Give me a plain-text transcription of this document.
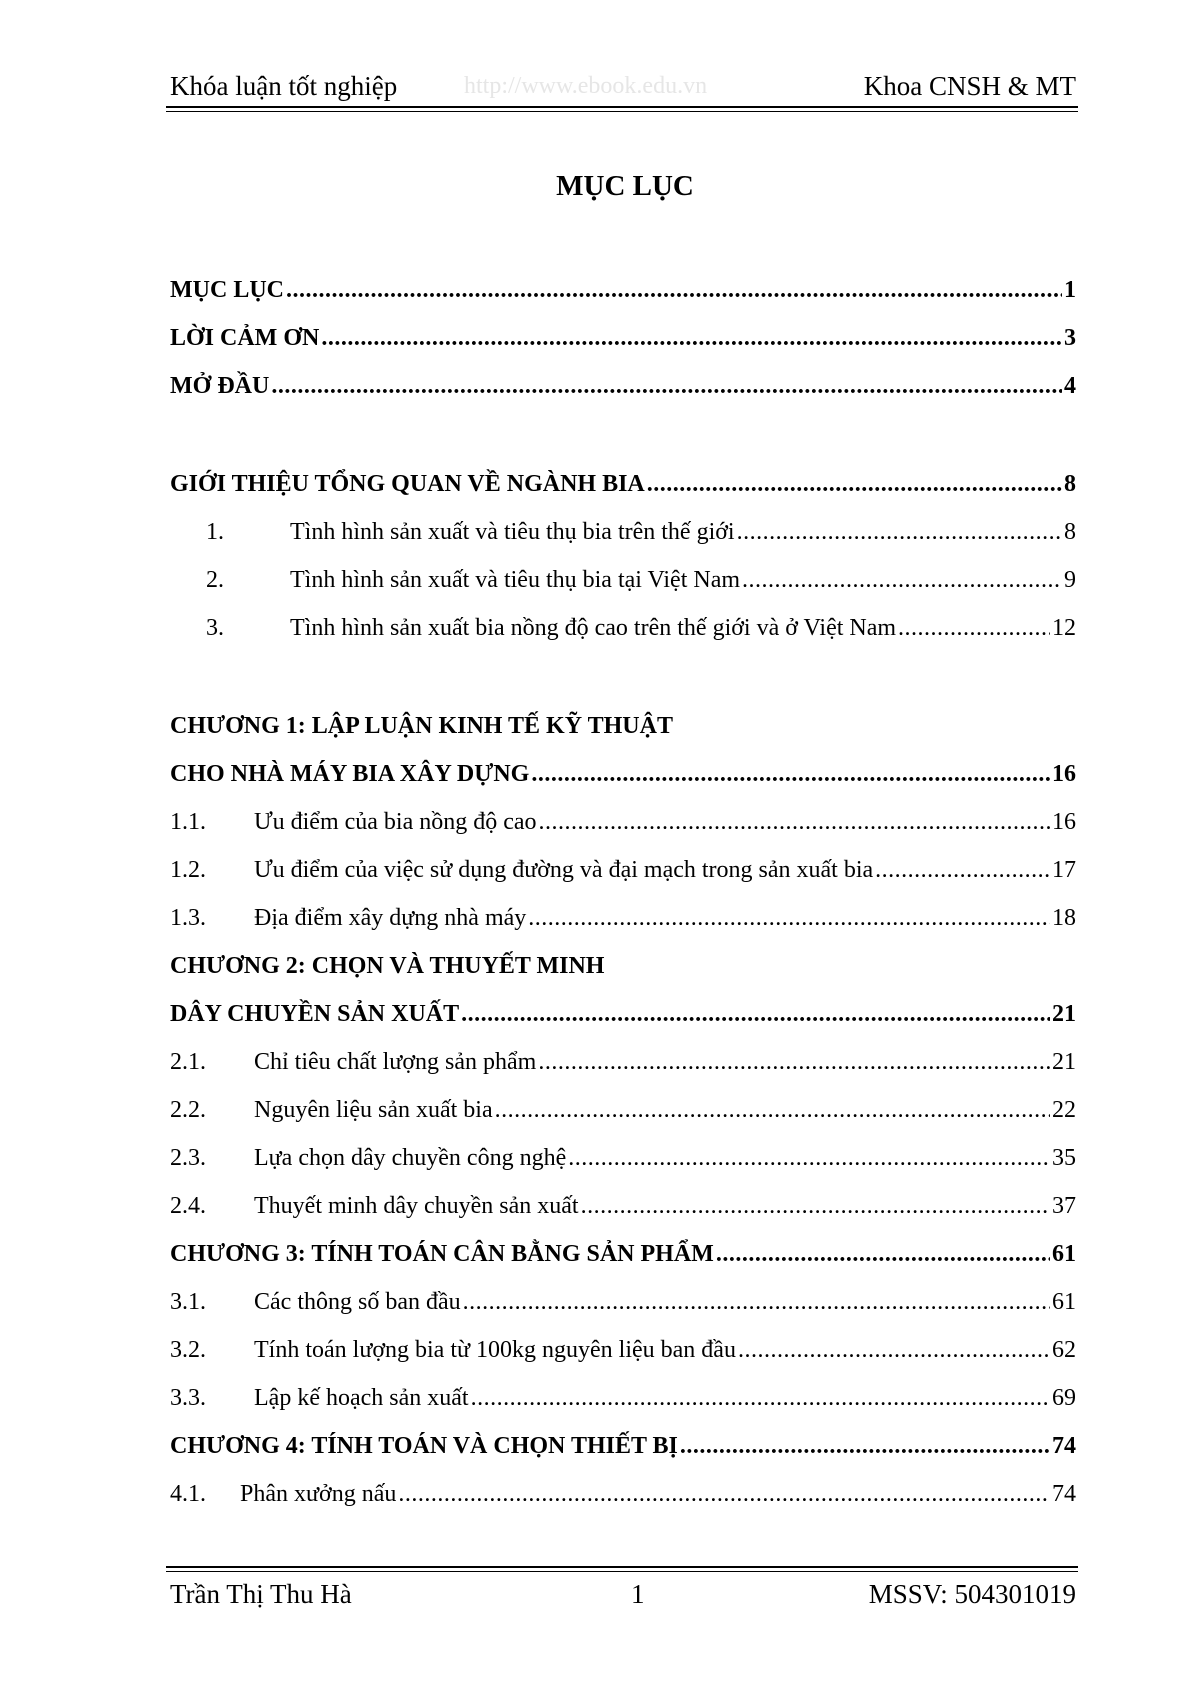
Khóa luận tốt nghiệp	http://www.ebook.edu.vn	Khoa CNSH & MT
MỤC LỤC
MỤC LỤC .....	1
LỜI CẢM ƠN .....	3
MỞ ĐẦU .....	4
GIỚI THIỆU TỔNG QUAN VỀ NGÀNH BIA .....	8
1.	Tình hình sản xuất và tiêu thụ bia trên thế giới .....	8
2.	Tình hình sản xuất và tiêu thụ bia tại Việt Nam .....	9
3.	Tình hình sản xuất bia nồng độ cao trên thế giới và ở Việt Nam .....	12
CHƯƠNG 1: LẬP LUẬN KINH TẾ KỸ THUẬT
CHO NHÀ MÁY BIA XÂY DỰNG .....	16
1.1.	Ưu điểm của bia nồng độ cao .....	16
1.2.	Ưu điểm của việc sử dụng đường và đại mạch trong sản xuất bia .....	17
1.3.	Địa điểm xây dựng nhà máy .....	18
CHƯƠNG 2: CHỌN VÀ THUYẾT MINH
DÂY CHUYỀN SẢN XUẤT .....	21
2.1.	Chỉ tiêu chất lượng sản phẩm .....	21
2.2.	Nguyên liệu sản xuất bia .....	22
2.3.	Lựa chọn dây chuyền công nghệ .....	35
2.4.	Thuyết minh dây chuyền sản xuất .....	37
CHƯƠNG 3: TÍNH TOÁN CÂN BẰNG SẢN PHẨM .....	61
3.1.	Các thông số ban đầu .....	61
3.2.	Tính toán lượng bia từ 100kg nguyên liệu ban đầu .....	62
3.3.	Lập kế hoạch sản xuất .....	69
CHƯƠNG 4: TÍNH TOÁN VÀ CHỌN THIẾT BỊ .....	74
4.1.	Phân xưởng nấu .....	74
Trần Thị Thu Hà	1	MSSV: 504301019
